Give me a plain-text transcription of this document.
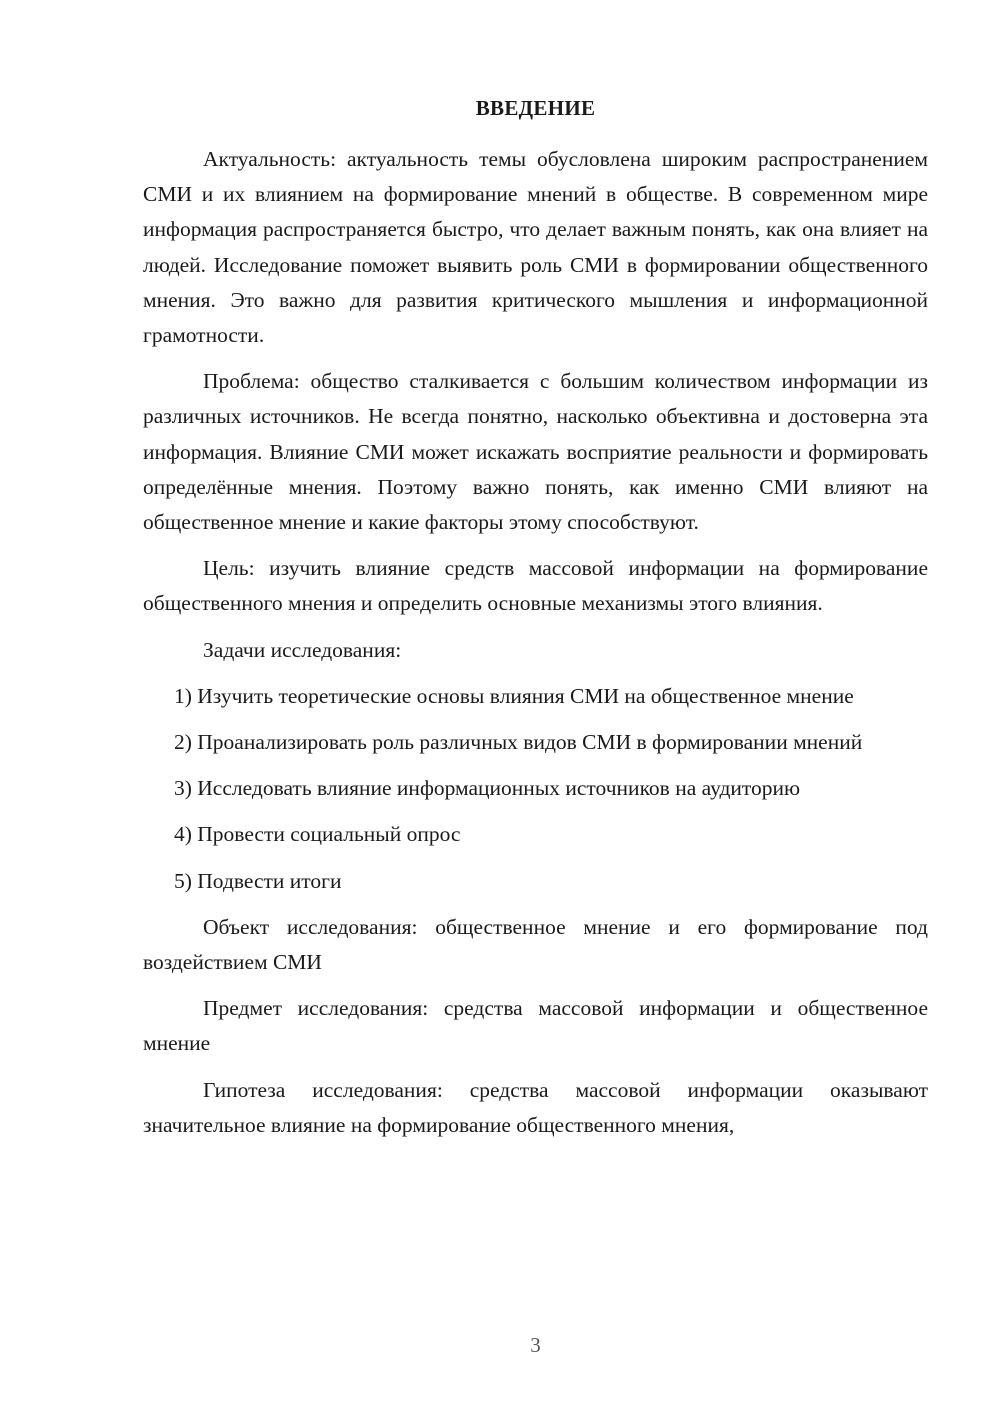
ВВЕДЕНИЕ

Актуальность: актуальность темы обусловлена широким распространением СМИ и их влиянием на формирование мнений в обществе. В современном мире информация распространяется быстро, что делает важным понять, как она влияет на людей. Исследование поможет выявить роль СМИ в формировании общественного мнения. Это важно для развития критического мышления и информационной грамотности.

Проблема: общество сталкивается с большим количеством информации из различных источников. Не всегда понятно, насколько объективна и достоверна эта информация. Влияние СМИ может искажать восприятие реальности и формировать определённые мнения. Поэтому важно понять, как именно СМИ влияют на общественное мнение и какие факторы этому способствуют.

Цель: изучить влияние средств массовой информации на формирование общественного мнения и определить основные механизмы этого влияния.

Задачи исследования:

1) Изучить теоретические основы влияния СМИ на общественное мнение

2) Проанализировать роль различных видов СМИ в формировании мнений

3) Исследовать влияние информационных источников на аудиторию

4) Провести социальный опрос

5) Подвести итоги

Объект исследования: общественное мнение и его формирование под воздействием СМИ

Предмет исследования: средства массовой информации и общественное мнение

Гипотеза исследования: средства массовой информации оказывают значительное влияние на формирование общественного мнения,

3
